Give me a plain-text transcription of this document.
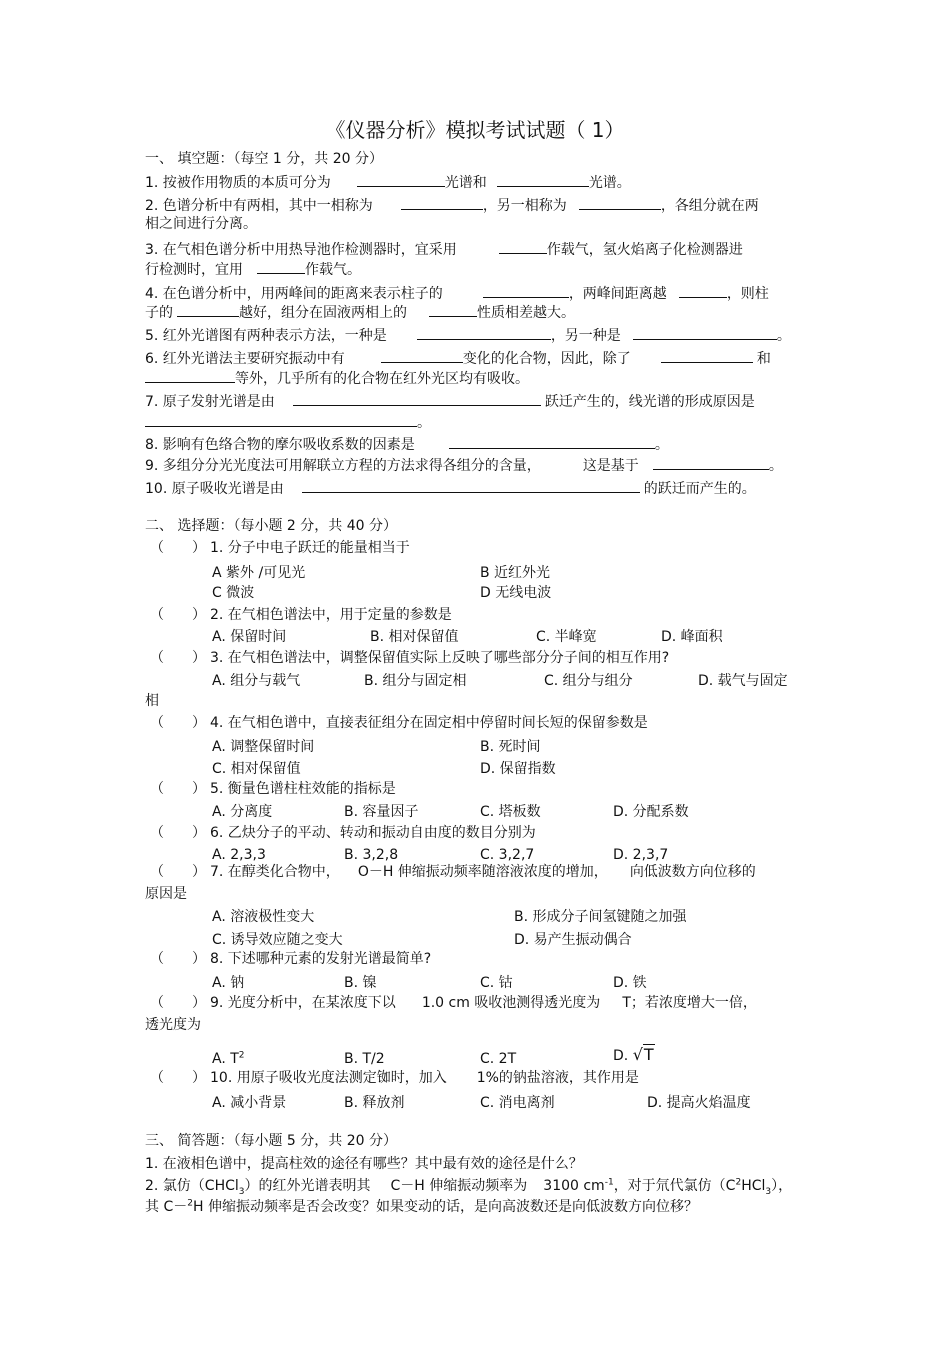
《仪器分析》模拟考试试题（ 1）
一、 填空题：（每空 1 分，共 20 分）
1. 按被作用物质的本质可分为	光谱和	光谱。
2. 色谱分析中有两相，其中一相称为	，另一相称为	，各组分就在两
相之间进行分离。
3. 在气相色谱分析中用热导池作检测器时，宜采用	作载气，氢火焰离子化检测器进
行检测时，宜用	作载气。
4. 在色谱分析中，用两峰间的距离来表示柱子的	，两峰间距离越	，则柱
子的	越好，组分在固液两相上的	性质相差越大。
5. 红外光谱图有两种表示方法，一种是	，另一种是	。
6. 红外光谱法主要研究振动中有	变化的化合物，因此，除了	和
等外，几乎所有的化合物在红外光区均有吸收。
7. 原子发射光谱是由	跃迁产生的，线光谱的形成原因是
。
8. 影响有色络合物的摩尔吸收系数的因素是	。
9. 多组分分光光度法可用解联立方程的方法求得各组分的含量，	这是基于	。
10. 原子吸收光谱是由	的跃迁而产生的。
二、 选择题：（每小题 2 分，共 40 分）
（ ） 1. 分子中电子跃迁的能量相当于
A 紫外 /可见光	B 近红外光
C 微波	D 无线电波
（ ） 2. 在气相色谱法中，用于定量的参数是
A. 保留时间	B. 相对保留值	C. 半峰宽	D. 峰面积
（ ） 3. 在气相色谱法中，调整保留值实际上反映了哪些部分分子间的相互作用?
A. 组分与载气	B. 组分与固定相	C. 组分与组分	D. 载气与固定
相
（ ） 4. 在气相色谱中，直接表征组分在固定相中停留时间长短的保留参数是
A. 调整保留时间	B. 死时间
C. 相对保留值	D. 保留指数
（ ） 5. 衡量色谱柱柱效能的指标是
A. 分离度	B. 容量因子	C. 塔板数	D. 分配系数
（ ） 6. 乙炔分子的平动、转动和振动自由度的数目分别为
A. 2,3,3	B. 3,2,8	C. 3,2,7	D. 2,3,7
（ ） 7. 在醇类化合物中， O－H 伸缩振动频率随溶液浓度的增加， 向低波数方向位移的
原因是
A. 溶液极性变大	B. 形成分子间氢键随之加强
C. 诱导效应随之变大	D. 易产生振动偶合
（ ） 8. 下述哪种元素的发射光谱最简单?
A. 钠	B. 镍	C. 钴	D. 铁
（ ） 9. 光度分析中，在某浓度下以 1.0 cm 吸收池测得透光度为 T；若浓度增大一倍，
透光度为
A. $T^2$	B. T/2	C. 2T	D. √T
（ ） 10. 用原子吸收光度法测定铷时，加入 1%的钠盐溶液，其作用是
A. 减小背景	B. 释放剂	C. 消电离剂	D. 提高火焰温度
三、 简答题：（每小题 5 分，共 20 分）
1. 在液相色谱中，提高柱效的途径有哪些？其中最有效的途径是什么？
2. 氯仿（CHCl$_3$）的红外光谱表明其 C－H 伸缩振动频率为 3100 $cm^{-1}$，对于氘代氯仿$(C^2HCl_3)$，
其 C－$^2$H 伸缩振动频率是否会改变？如果变动的话，是向高波数还是向低波数方向位移？
